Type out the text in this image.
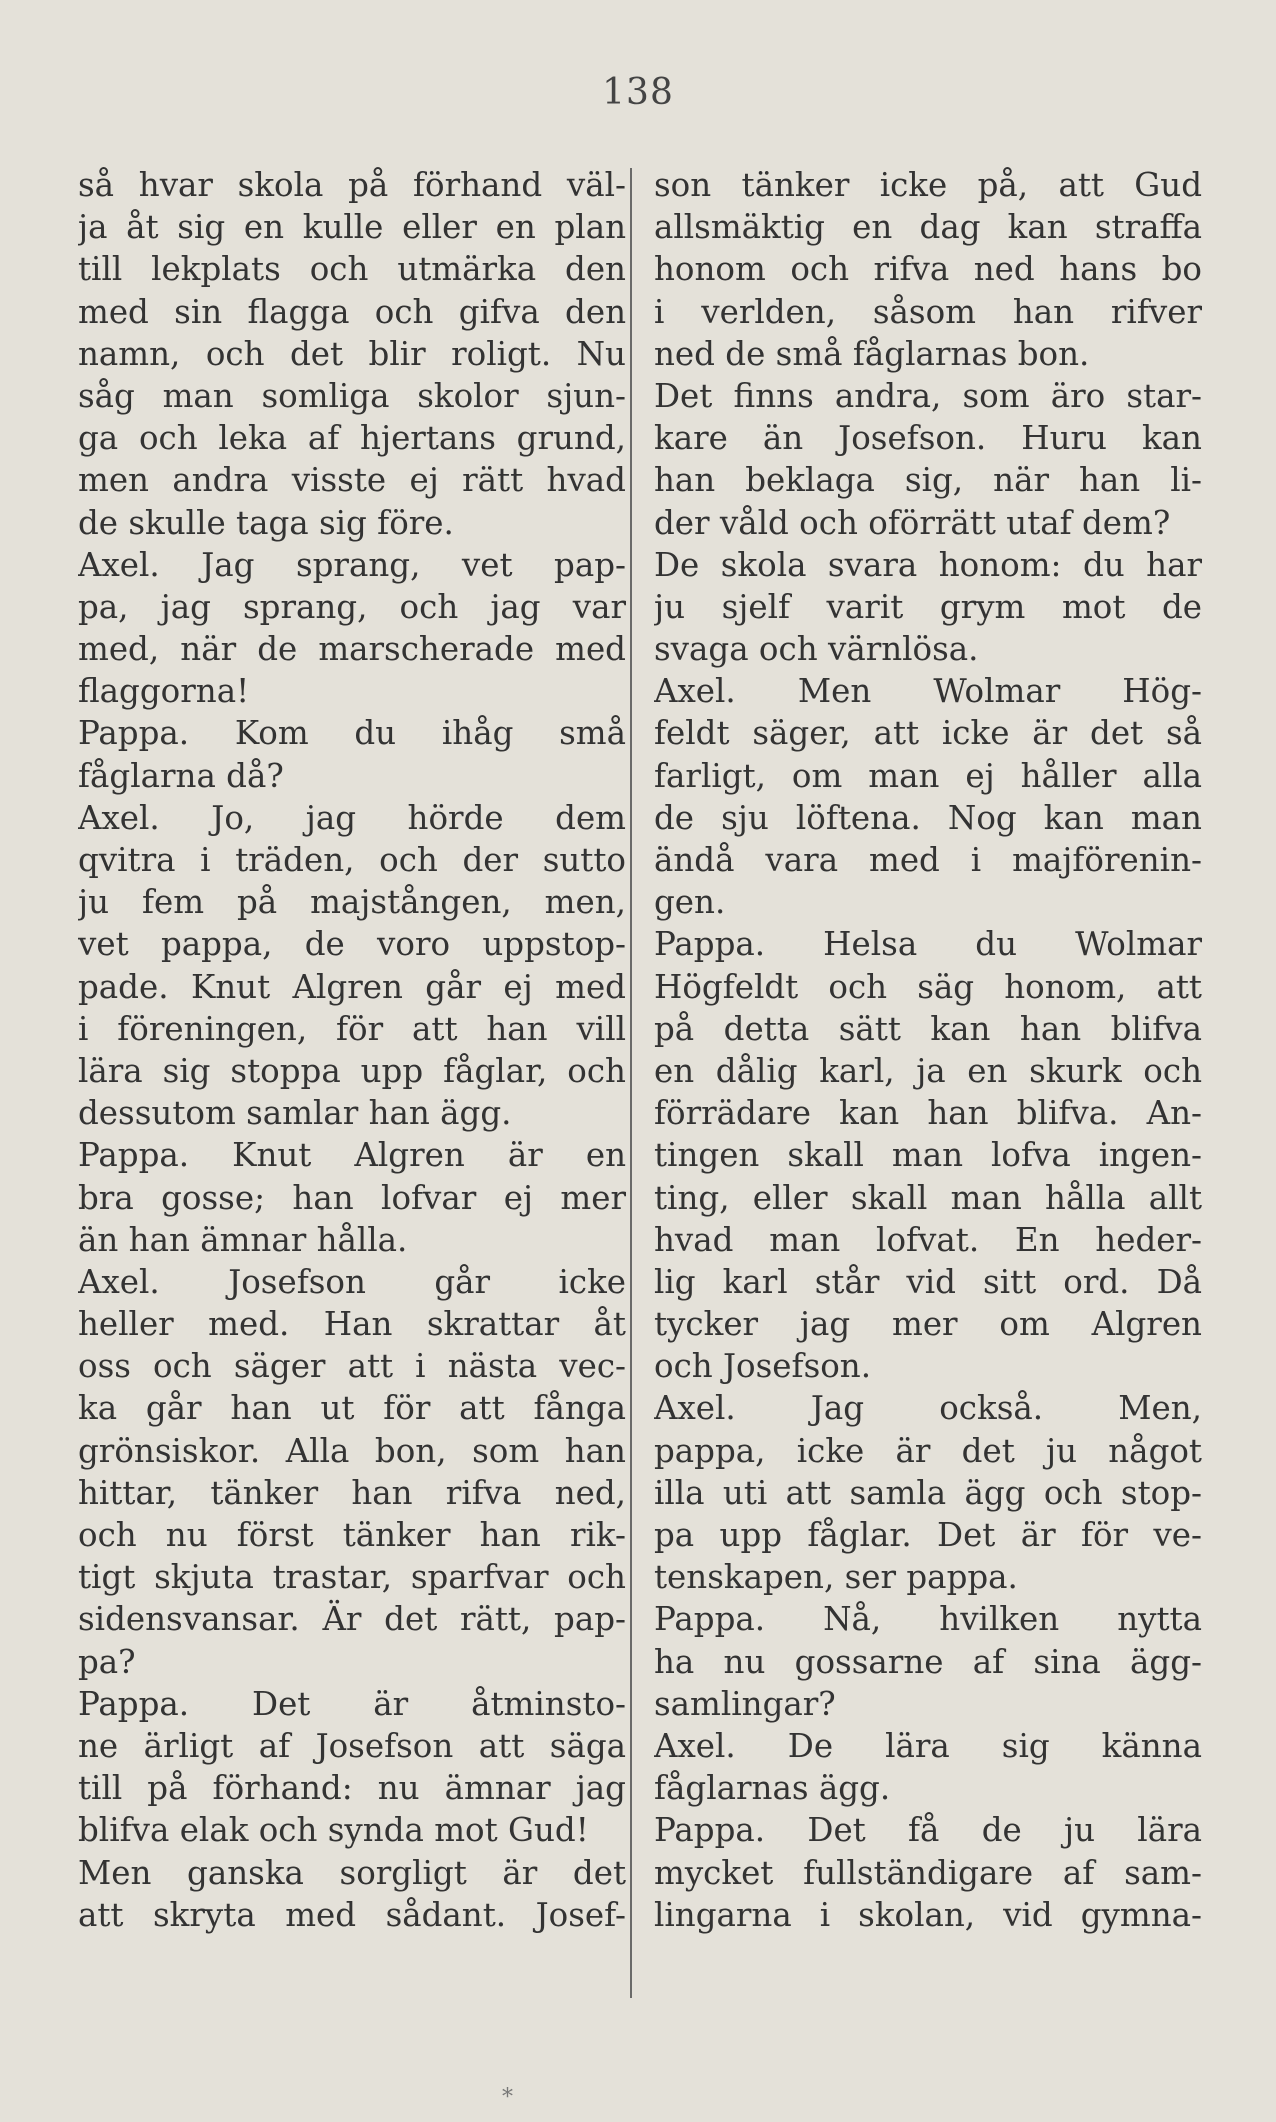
138
så hvar skola på förhand väl-
ja åt sig en kulle eller en plan
till lekplats och utmärka den
med sin flagga och gifva den
namn, och det blir roligt. Nu
såg man somliga skolor sjun-
ga och leka af hjertans grund,
men andra visste ej rätt hvad
de skulle taga sig före.
Axel. Jag sprang, vet pap-
pa, jag sprang, och jag var
med, när de marscherade med
flaggorna!
Pappa. Kom du ihåg små
fåglarna då?
Axel. Jo, jag hörde dem
qvitra i träden, och der sutto
ju fem på majstången, men,
vet pappa, de voro uppstop-
pade. Knut Algren går ej med
i föreningen, för att han vill
lära sig stoppa upp fåglar, och
dessutom samlar han ägg.
Pappa. Knut Algren är en
bra gosse; han lofvar ej mer
än han ämnar hålla.
Axel. Josefson går icke
heller med. Han skrattar åt
oss och säger att i nästa vec-
ka går han ut för att fånga
grönsiskor. Alla bon, som han
hittar, tänker han rifva ned,
och nu först tänker han rik-
tigt skjuta trastar, sparfvar och
sidensvansar. Är det rätt, pap-
pa?
Pappa. Det är åtminsto-
ne ärligt af Josefson att säga
till på förhand: nu ämnar jag
blifva elak och synda mot Gud!
Men ganska sorgligt är det
att skryta med sådant. Josef-
son tänker icke på, att Gud
allsmäktig en dag kan straffa
honom och rifva ned hans bo
i verlden, såsom han rifver
ned de små fåglarnas bon.
Det finns andra, som äro star-
kare än Josefson. Huru kan
han beklaga sig, när han li-
der våld och oförrätt utaf dem?
De skola svara honom: du har
ju sjelf varit grym mot de
svaga och värnlösa.
Axel. Men Wolmar Hög-
feldt säger, att icke är det så
farligt, om man ej håller alla
de sju löftena. Nog kan man
ändå vara med i majförenin-
gen.
Pappa. Helsa du Wolmar
Högfeldt och säg honom, att
på detta sätt kan han blifva
en dålig karl, ja en skurk och
förrädare kan han blifva. An-
tingen skall man lofva ingen-
ting, eller skall man hålla allt
hvad man lofvat. En heder-
lig karl står vid sitt ord. Då
tycker jag mer om Algren
och Josefson.
Axel. Jag också. Men,
pappa, icke är det ju något
illa uti att samla ägg och stop-
pa upp fåglar. Det är för ve-
tenskapen, ser pappa.
Pappa. Nå, hvilken nytta
ha nu gossarne af sina ägg-
samlingar?
Axel. De lära sig känna
fåglarnas ägg.
Pappa. Det få de ju lära
mycket fullständigare af sam-
lingarna i skolan, vid gymna-
*
